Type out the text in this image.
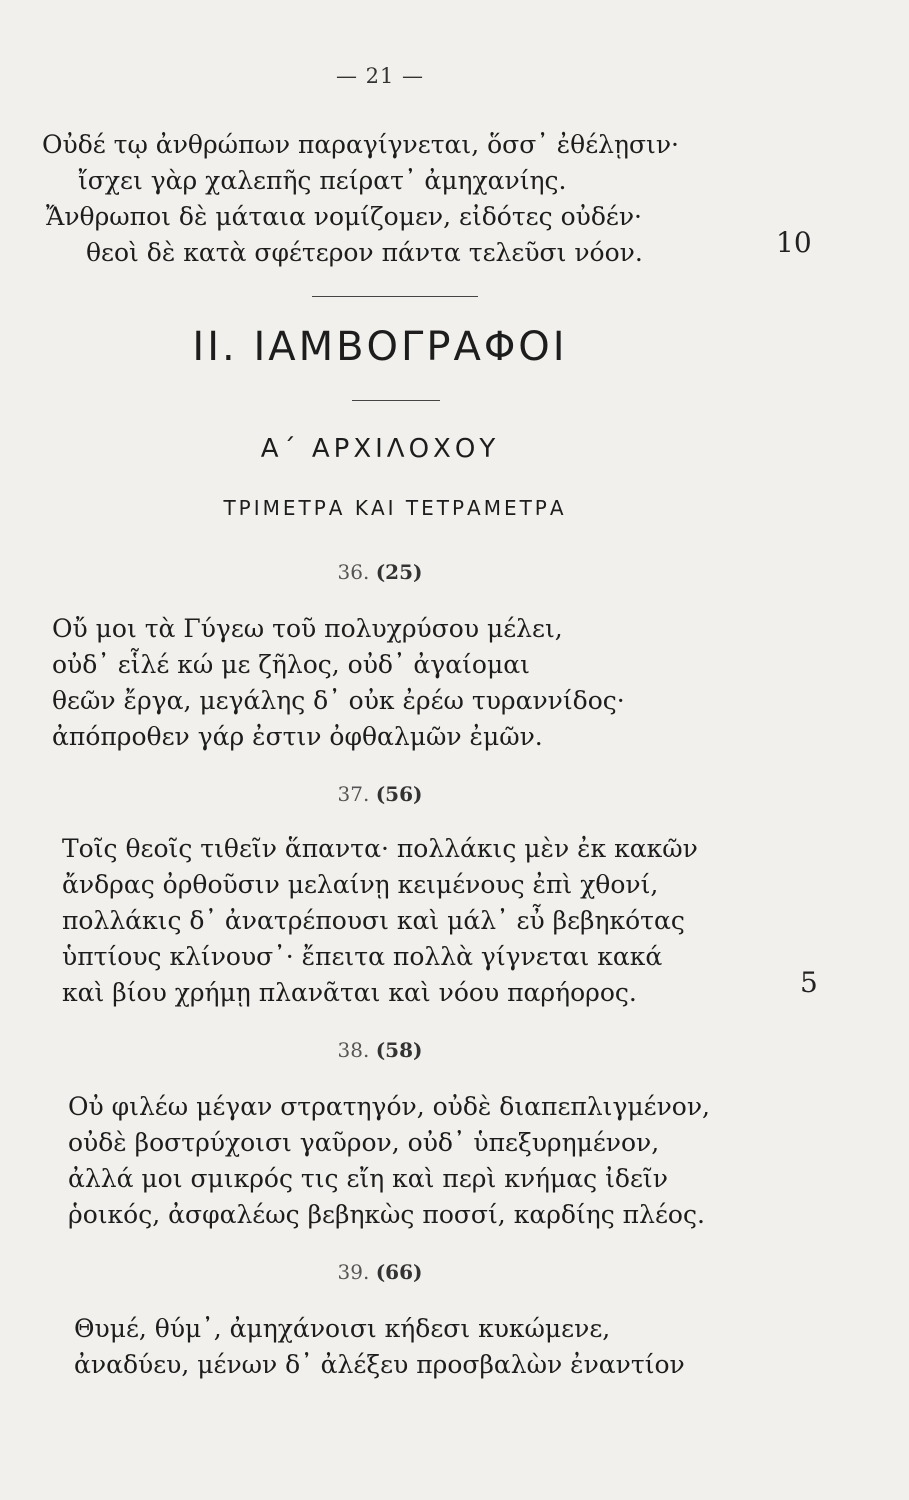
— 21 —
Οὐδέ τῳ ἀνθρώπων παραγίγνεται, ὅσσ᾽ ἐθέλῃσιν·
ἴσχει γὰρ χαλεπῆς πείρατ᾽ ἀμηχανίης.
Ἄνθρωποι δὲ μάταια νομίζομεν, εἰδότες οὐδέν·
θεοὶ δὲ κατὰ σφέτερον πάντα τελεῦσι νόον.	10
II. ΙΑΜΒΟΓΡΑΦΟΙ
Α΄ ΑΡΧΙΛΟΧΟΥ
ΤΡΙΜΕΤΡΑ ΚΑΙ ΤΕΤΡΑΜΕΤΡΑ
36. (25)
Οὔ μοι τὰ Γύγεω τοῦ πολυχρύσου μέλει,
οὐδ᾽ εἷλέ κώ με ζῆλος, οὐδ᾽ ἀγαίομαι
θεῶν ἔργα, μεγάλης δ᾽ οὐκ ἐρέω τυραννίδος·
ἀπόπροθεν γάρ ἐστιν ὀφθαλμῶν ἐμῶν.
37. (56)
Τοῖς θεοῖς τιθεῖν ἅπαντα· πολλάκις μὲν ἐκ κακῶν
ἄνδρας ὀρθοῦσιν μελαίνῃ κειμένους ἐπὶ χθονί,
πολλάκις δ᾽ ἀνατρέπουσι καὶ μάλ᾽ εὖ βεβηκότας
ὑπτίους κλίνουσ᾽· ἔπειτα πολλὰ γίγνεται κακά
καὶ βίου χρήμῃ πλανᾶται καὶ νόου παρήορος.	5
38. (58)
Οὐ φιλέω μέγαν στρατηγόν, οὐδὲ διαπεπλιγμένον,
οὐδὲ βοστρύχοισι γαῦρον, οὐδ᾽ ὑπεξυρημένον,
ἀλλά μοι σμικρός τις εἴη καὶ περὶ κνήμας ἰδεῖν
ῥοικός, ἀσφαλέως βεβηκὼς ποσσί, καρδίης πλέος.
39. (66)
Θυμέ, θύμ᾽, ἀμηχάνοισι κήδεσι κυκώμενε,
ἀναδύευ, μένων δ᾽ ἀλέξευ προσβαλὼν ἐναντίον
